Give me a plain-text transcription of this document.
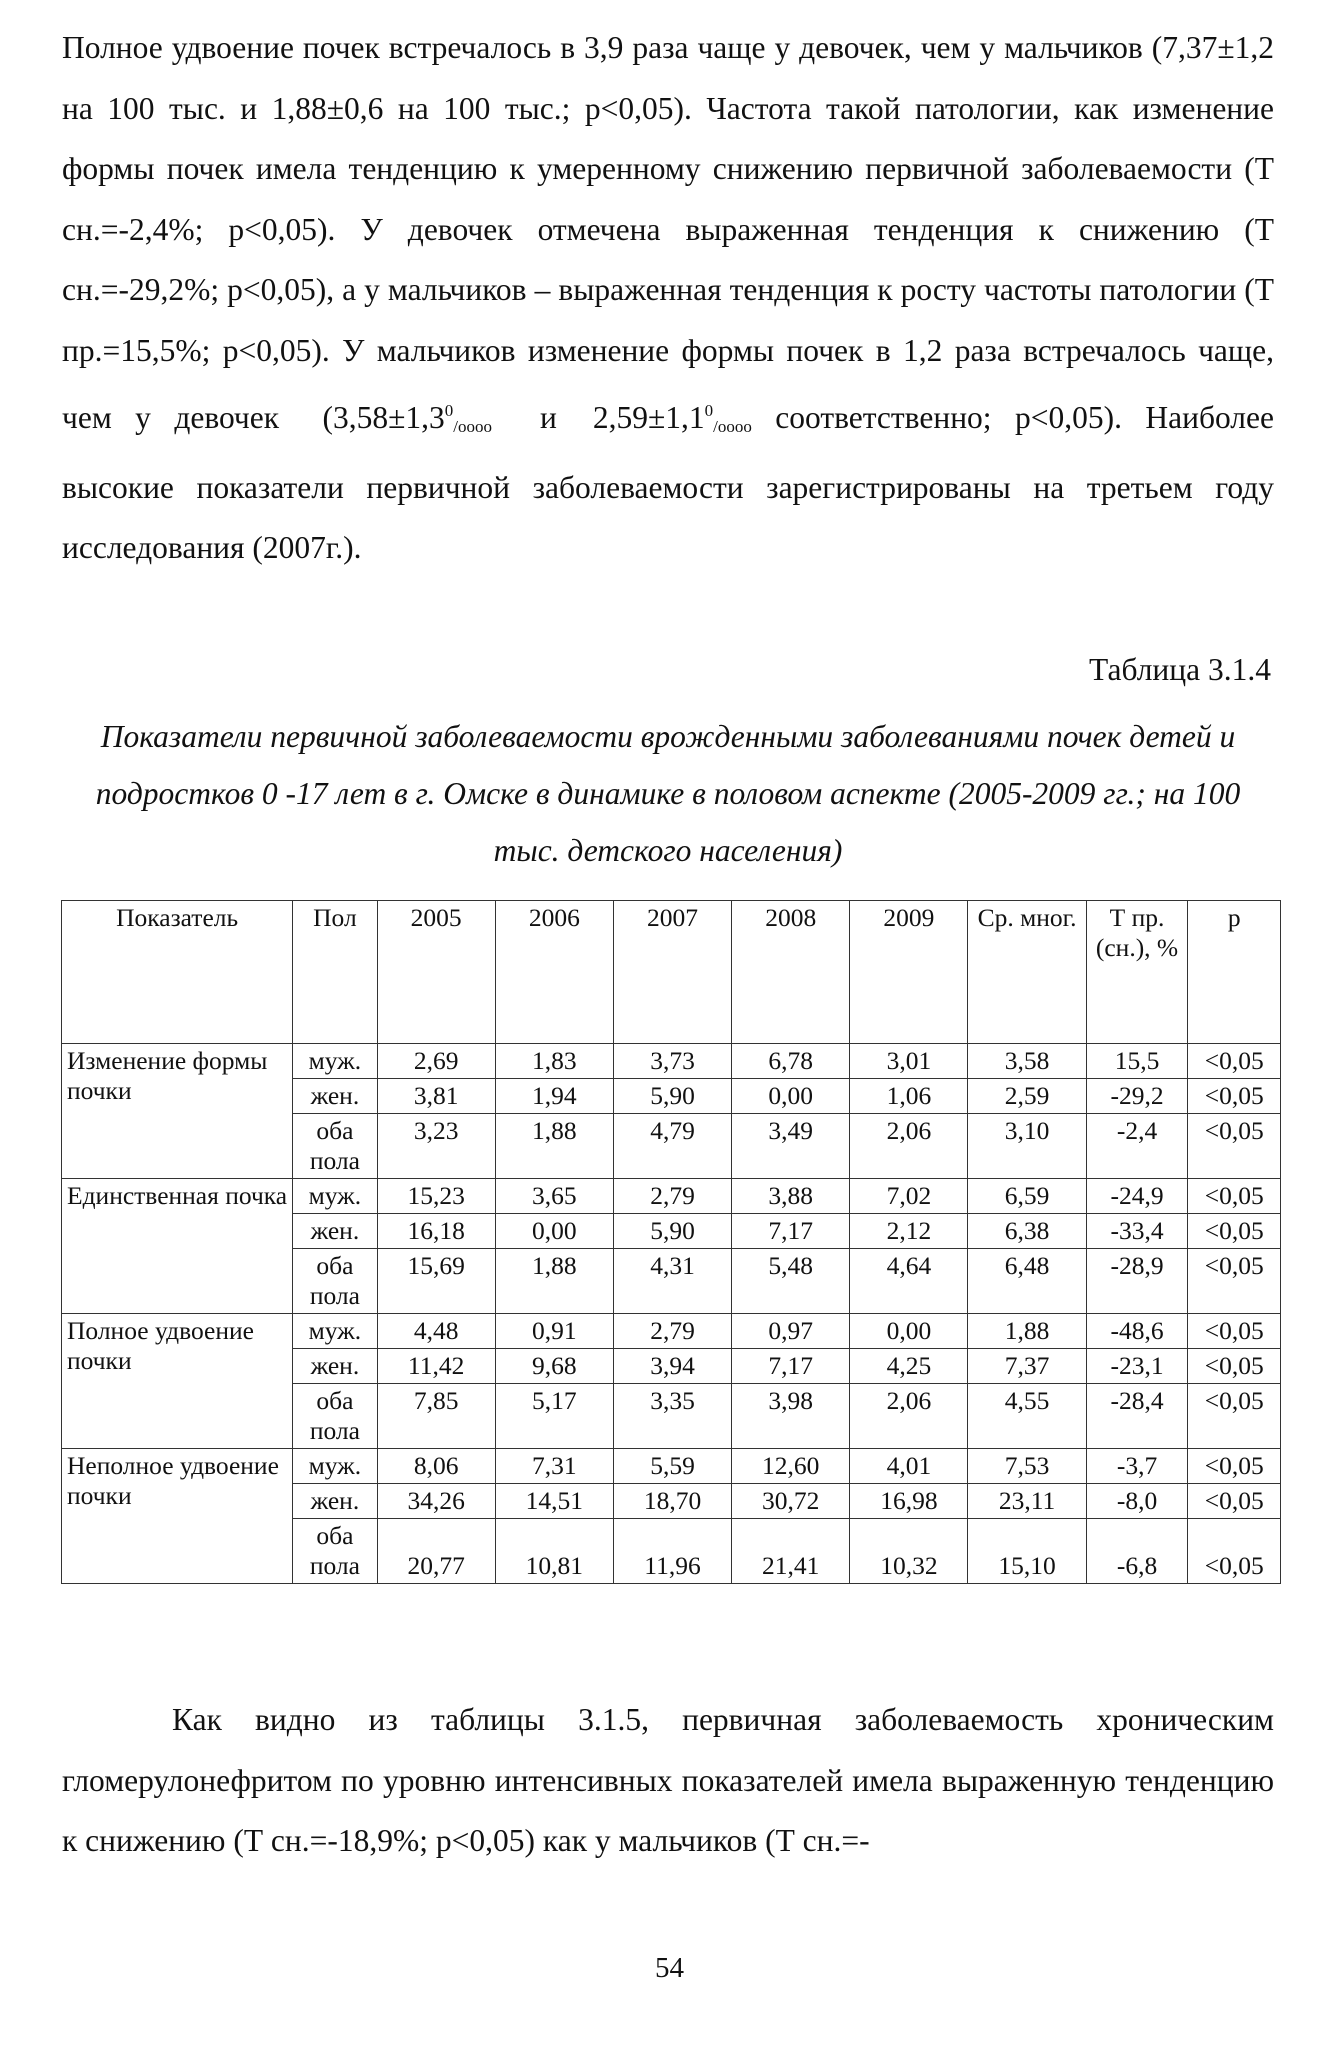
Полное удвоение почек встречалось в 3,9 раза чаще у девочек, чем у мальчиков (7,37±1,2 на 100 тыс. и 1,88±0,6 на 100 тыс.; p<0,05). Частота такой патологии, как изменение формы почек имела тенденцию к умеренному снижению первичной заболеваемости (Т сн.=-2,4%; p<0,05). У девочек отмечена выраженная тенденция к снижению (Т сн.=-29,2%; p<0,05), а у мальчиков – выраженная тенденция к росту частоты патологии (Т пр.=15,5%; p<0,05). У мальчиков изменение формы почек в 1,2 раза встречалось чаще, чем у девочек ($3,58\pm 1,3^0_{/oooo}$ и $2,59\pm 1,1^0_{/oooo}$ соответственно; p<0,05). Наиболее высокие показатели первичной заболеваемости зарегистрированы на третьем году исследования (2007г.).

Таблица 3.1.4

Показатели первичной заболеваемости врожденными заболеваниями почек детей и подростков 0 -17 лет в г. Омске в динамике в половом аспекте (2005-2009 гг.; на 100 тыс. детского населения)

Показатель	Пол	2005	2006	2007	2008	2009	Ср. мног.	Т пр. (сн.), %	p
Изменение формы почки	муж.	2,69	1,83	3,73	6,78	3,01	3,58	15,5	<0,05
	жен.	3,81	1,94	5,90	0,00	1,06	2,59	-29,2	<0,05
	оба пола	3,23	1,88	4,79	3,49	2,06	3,10	-2,4	<0,05
Единственная почка	муж.	15,23	3,65	2,79	3,88	7,02	6,59	-24,9	<0,05
	жен.	16,18	0,00	5,90	7,17	2,12	6,38	-33,4	<0,05
	оба пола	15,69	1,88	4,31	5,48	4,64	6,48	-28,9	<0,05
Полное удвоение почки	муж.	4,48	0,91	2,79	0,97	0,00	1,88	-48,6	<0,05
	жен.	11,42	9,68	3,94	7,17	4,25	7,37	-23,1	<0,05
	оба пола	7,85	5,17	3,35	3,98	2,06	4,55	-28,4	<0,05
Неполное удвоение почки	муж.	8,06	7,31	5,59	12,60	4,01	7,53	-3,7	<0,05
	жен.	34,26	14,51	18,70	30,72	16,98	23,11	-8,0	<0,05
	оба пола	20,77	10,81	11,96	21,41	10,32	15,10	-6,8	<0,05

Как видно из таблицы 3.1.5, первичная заболеваемость хроническим гломерулонефритом по уровню интенсивных показателей имела выраженную тенденцию к снижению (Т сн.=-18,9%; p<0,05) как у мальчиков (Т сн.=-

54
